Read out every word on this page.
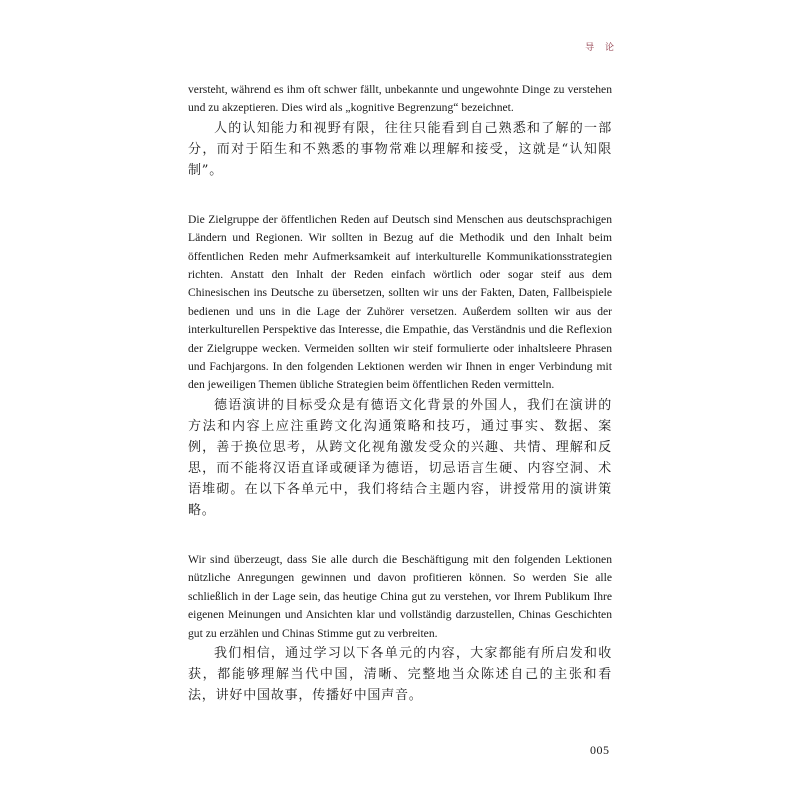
导 论

versteht, während es ihm oft schwer fällt, unbekannte und ungewohnte Dinge zu verstehen und zu akzeptieren. Dies wird als „kognitive Begrenzung“ bezeichnet.

人的认知能力和视野有限，往往只能看到自己熟悉和了解的一部分，而对于陌生和不熟悉的事物常难以理解和接受，这就是“认知限制”。

Die Zielgruppe der öffentlichen Reden auf Deutsch sind Menschen aus deutschsprachigen Ländern und Regionen. Wir sollten in Bezug auf die Methodik und den Inhalt beim öffentlichen Reden mehr Aufmerksamkeit auf interkulturelle Kommunikationsstrategien richten. Anstatt den Inhalt der Reden einfach wörtlich oder sogar steif aus dem Chinesischen ins Deutsche zu übersetzen, sollten wir uns der Fakten, Daten, Fallbeispiele bedienen und uns in die Lage der Zuhörer versetzen. Außerdem sollten wir aus der interkulturellen Perspektive das Interesse, die Empathie, das Verständnis und die Reflexion der Zielgruppe wecken. Vermeiden sollten wir steif formulierte oder inhaltsleere Phrasen und Fachjargons. In den folgenden Lektionen werden wir Ihnen in enger Verbindung mit den jeweiligen Themen übliche Strategien beim öffentlichen Reden vermitteln.

德语演讲的目标受众是有德语文化背景的外国人，我们在演讲的方法和内容上应注重跨文化沟通策略和技巧，通过事实、数据、案例，善于换位思考，从跨文化视角激发受众的兴趣、共情、理解和反思，而不能将汉语直译或硬译为德语，切忌语言生硬、内容空洞、术语堆砌。在以下各单元中，我们将结合主题内容，讲授常用的演讲策略。

Wir sind überzeugt, dass Sie alle durch die Beschäftigung mit den folgenden Lektionen nützliche Anregungen gewinnen und davon profitieren können. So werden Sie alle schließlich in der Lage sein, das heutige China gut zu verstehen, vor Ihrem Publikum Ihre eigenen Meinungen und Ansichten klar und vollständig darzustellen, Chinas Geschichten gut zu erzählen und Chinas Stimme gut zu verbreiten.

我们相信，通过学习以下各单元的内容，大家都能有所启发和收获，都能够理解当代中国，清晰、完整地当众陈述自己的主张和看法，讲好中国故事，传播好中国声音。

005
